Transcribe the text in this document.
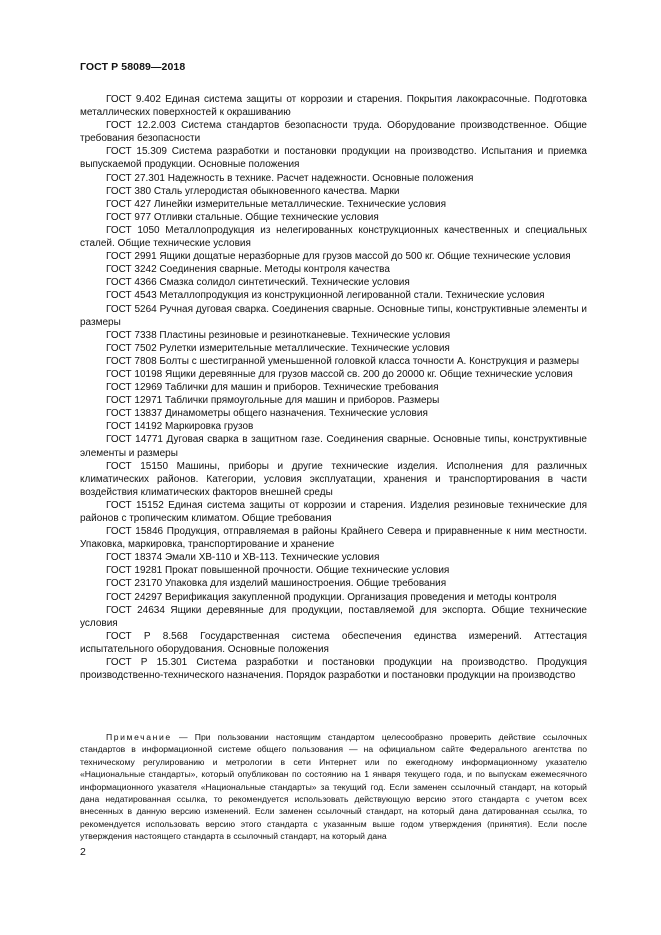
ГОСТ Р 58089—2018

ГОСТ 9.402 Единая система защиты от коррозии и старения. Покрытия лакокрасочные. Подготовка металлических поверхностей к окрашиванию

ГОСТ 12.2.003 Система стандартов безопасности труда. Оборудование производственное. Общие требования безопасности

ГОСТ 15.309 Система разработки и постановки продукции на производство. Испытания и приемка выпускаемой продукции. Основные положения

ГОСТ 27.301 Надежность в технике. Расчет надежности. Основные положения

ГОСТ 380 Сталь углеродистая обыкновенного качества. Марки

ГОСТ 427 Линейки измерительные металлические. Технические условия

ГОСТ 977 Отливки стальные. Общие технические условия

ГОСТ 1050 Металлопродукция из нелегированных конструкционных качественных и специальных сталей. Общие технические условия

ГОСТ 2991 Ящики дощатые неразборные для грузов массой до 500 кг. Общие технические условия

ГОСТ 3242 Соединения сварные. Методы контроля качества

ГОСТ 4366 Смазка солидол синтетический. Технические условия

ГОСТ 4543 Металлопродукция из конструкционной легированной стали. Технические условия

ГОСТ 5264 Ручная дуговая сварка. Соединения сварные. Основные типы, конструктивные элементы и размеры

ГОСТ 7338 Пластины резиновые и резинотканевые. Технические условия

ГОСТ 7502 Рулетки измерительные металлические. Технические условия

ГОСТ 7808 Болты с шестигранной уменьшенной головкой класса точности А. Конструкция и размеры

ГОСТ 10198 Ящики деревянные для грузов массой св. 200 до 20000 кг. Общие технические условия

ГОСТ 12969 Таблички для машин и приборов. Технические требования

ГОСТ 12971 Таблички прямоугольные для машин и приборов. Размеры

ГОСТ 13837 Динамометры общего назначения. Технические условия

ГОСТ 14192 Маркировка грузов

ГОСТ 14771 Дуговая сварка в защитном газе. Соединения сварные. Основные типы, конструктивные элементы и размеры

ГОСТ 15150 Машины, приборы и другие технические изделия. Исполнения для различных климатических районов. Категории, условия эксплуатации, хранения и транспортирования в части воздействия климатических факторов внешней среды

ГОСТ 15152 Единая система защиты от коррозии и старения. Изделия резиновые технические для районов с тропическим климатом. Общие требования

ГОСТ 15846 Продукция, отправляемая в районы Крайнего Севера и приравненные к ним местности. Упаковка, маркировка, транспортирование и хранение

ГОСТ 18374 Эмали ХВ-110 и ХВ-113. Технические условия

ГОСТ 19281 Прокат повышенной прочности. Общие технические условия

ГОСТ 23170 Упаковка для изделий машиностроения. Общие требования

ГОСТ 24297 Верификация закупленной продукции. Организация проведения и методы контроля

ГОСТ 24634 Ящики деревянные для продукции, поставляемой для экспорта. Общие технические условия

ГОСТ Р 8.568 Государственная система обеспечения единства измерений. Аттестация испытательного оборудования. Основные положения

ГОСТ Р 15.301 Система разработки и постановки продукции на производство. Продукция производственно-технического назначения. Порядок разработки и постановки продукции на производство

Примечание — При пользовании настоящим стандартом целесообразно проверить действие ссылочных стандартов в информационной системе общего пользования — на официальном сайте Федерального агентства по техническому регулированию и метрологии в сети Интернет или по ежегодному информационному указателю «Национальные стандарты», который опубликован по состоянию на 1 января текущего года, и по выпускам ежемесячного информационного указателя «Национальные стандарты» за текущий год. Если заменен ссылочный стандарт, на который дана недатированная ссылка, то рекомендуется использовать действующую версию этого стандарта с учетом всех внесенных в данную версию изменений. Если заменен ссылочный стандарт, на который дана датированная ссылка, то рекомендуется использовать версию этого стандарта с указанным выше годом утверждения (принятия). Если после утверждения настоящего стандарта в ссылочный стандарт, на который дана

2
